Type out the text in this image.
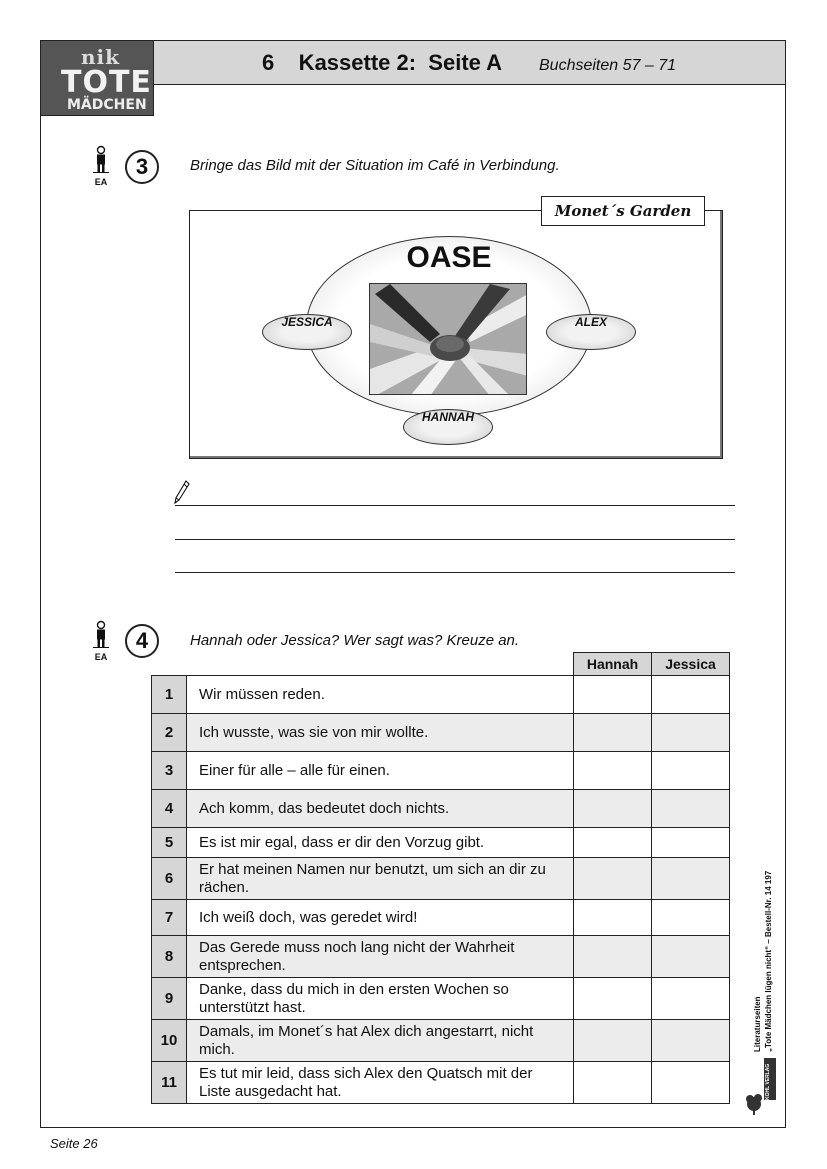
nik
TOTE
MÄDCHEN
6    Kassette 2:  Seite A Buchseiten 57 – 71
EA
3	Bringe das Bild mit der Situation im Café in Verbindung.
Monet´s Garden
OASE
JESSICA	ALEX
HANNAH
EA
4	Hannah oder Jessica? Wer sagt was? Kreuze an.
		Hannah	Jessica
1	Wir müssen reden.		
2	Ich wusste, was sie von mir wollte.		
3	Einer für alle – alle für einen.		
4	Ach komm, das bedeutet doch nichts.		
5	Es ist mir egal, dass er dir den Vorzug gibt.		
6	Er hat meinen Namen nur benutzt, um sich an dir zu rächen.		
7	Ich weiß doch, was geredet wird!		
8	Das Gerede muss noch lang nicht der Wahrheit entsprechen.		
9	Danke, dass du mich in den ersten Wochen so unterstützt hast.		
10	Damals, im Monet´s hat Alex dich angestarrt, nicht mich.		
11	Es tut mir leid, dass sich Alex den Quatsch mit der Liste ausgedacht hat.		
Literaturseiten „Tote Mädchen lügen nicht“ – Bestell-Nr. 14 197
KOHL VERLAG
Seite 26
